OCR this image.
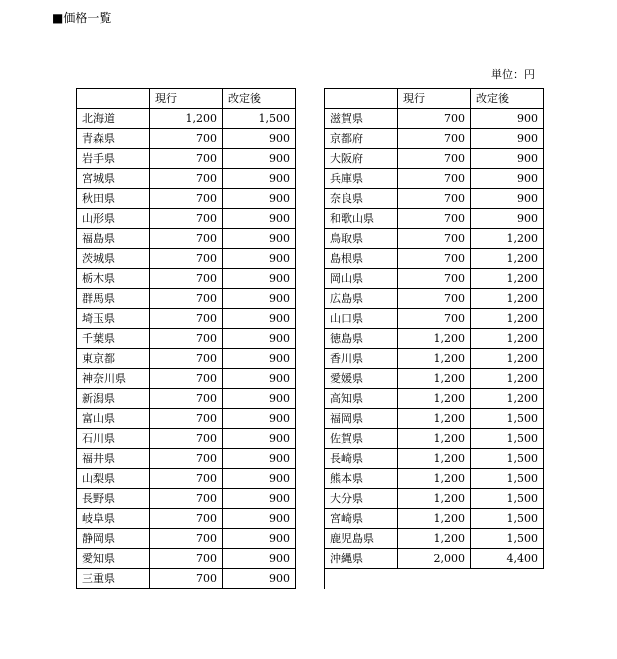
■価格一覧
単位：円
	現行	改定後			現行	改定後
北海道	1,200	1,500		滋賀県	700	900
青森県	700	900		京都府	700	900
岩手県	700	900		大阪府	700	900
宮城県	700	900		兵庫県	700	900
秋田県	700	900		奈良県	700	900
山形県	700	900		和歌山県	700	900
福島県	700	900		鳥取県	700	1,200
茨城県	700	900		島根県	700	1,200
栃木県	700	900		岡山県	700	1,200
群馬県	700	900		広島県	700	1,200
埼玉県	700	900		山口県	700	1,200
千葉県	700	900		徳島県	1,200	1,200
東京都	700	900		香川県	1,200	1,200
神奈川県	700	900		愛媛県	1,200	1,200
新潟県	700	900		高知県	1,200	1,200
富山県	700	900		福岡県	1,200	1,500
石川県	700	900		佐賀県	1,200	1,500
福井県	700	900		長崎県	1,200	1,500
山梨県	700	900		熊本県	1,200	1,500
長野県	700	900		大分県	1,200	1,500
岐阜県	700	900		宮崎県	1,200	1,500
静岡県	700	900		鹿児島県	1,200	1,500
愛知県	700	900		沖縄県	2,000	4,400
三重県	700	900				
